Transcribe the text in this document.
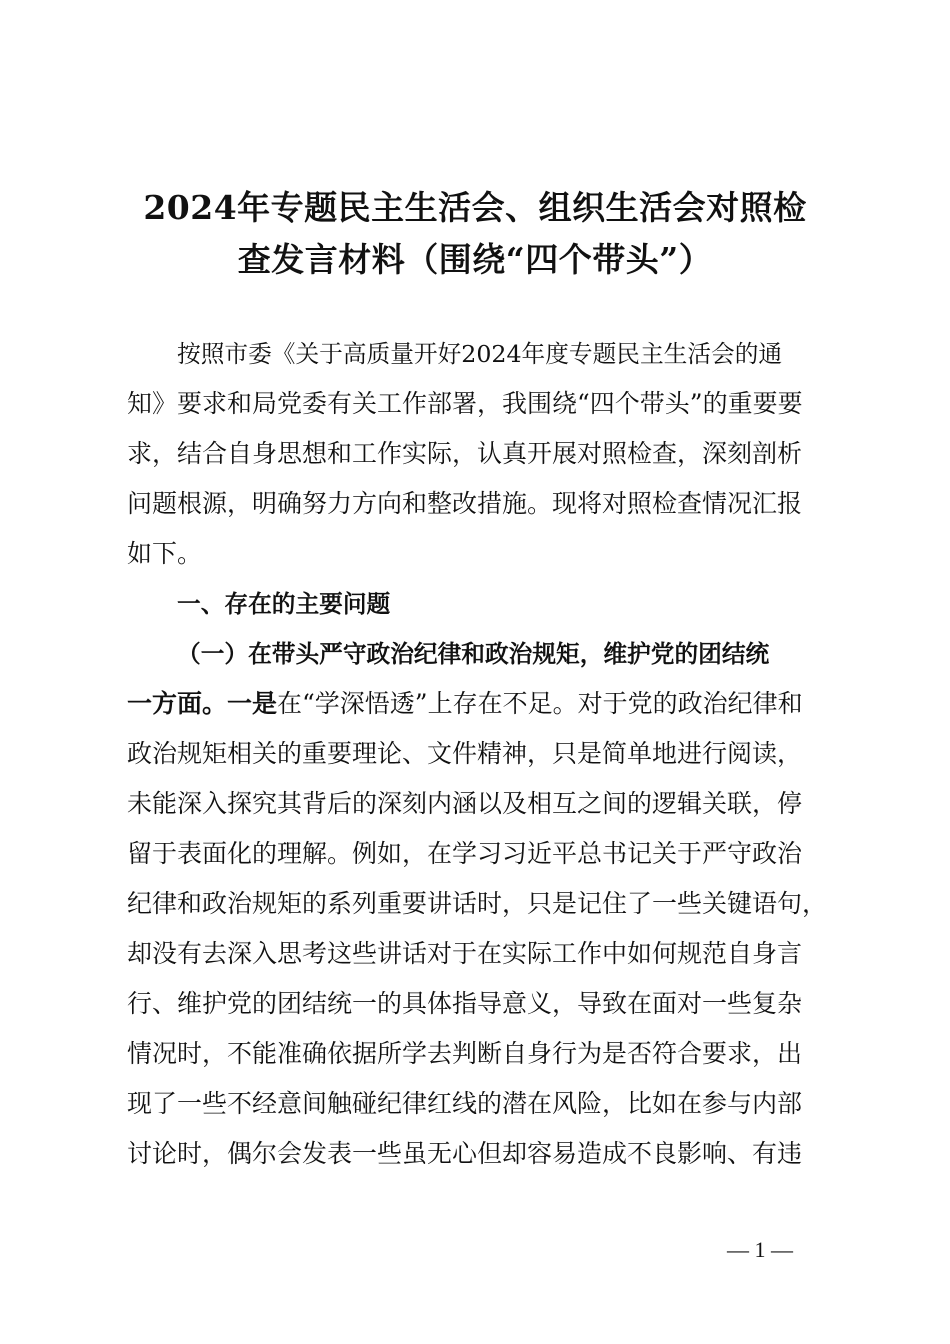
2024年专题民主生活会、组织生活会对照检
查发言材料（围绕“四个带头”）
按照市委《关于高质量开好2024年度专题民主生活会的通
知》要求和局党委有关工作部署，我围绕“四个带头”的重要要
求，结合自身思想和工作实际，认真开展对照检查，深刻剖析
问题根源，明确努力方向和整改措施。现将对照检查情况汇报
如下。
一、存在的主要问题
（一）在带头严守政治纪律和政治规矩，维护党的团结统
一方面。一是在“学深悟透”上存在不足。对于党的政治纪律和
政治规矩相关的重要理论、文件精神，只是简单地进行阅读，
未能深入探究其背后的深刻内涵以及相互之间的逻辑关联，停
留于表面化的理解。例如，在学习习近平总书记关于严守政治
纪律和政治规矩的系列重要讲话时，只是记住了一些关键语句，
却没有去深入思考这些讲话对于在实际工作中如何规范自身言
行、维护党的团结统一的具体指导意义，导致在面对一些复杂
情况时，不能准确依据所学去判断自身行为是否符合要求，出
现了一些不经意间触碰纪律红线的潜在风险，比如在参与内部
讨论时，偶尔会发表一些虽无心但却容易造成不良影响、有违
— 1 —
